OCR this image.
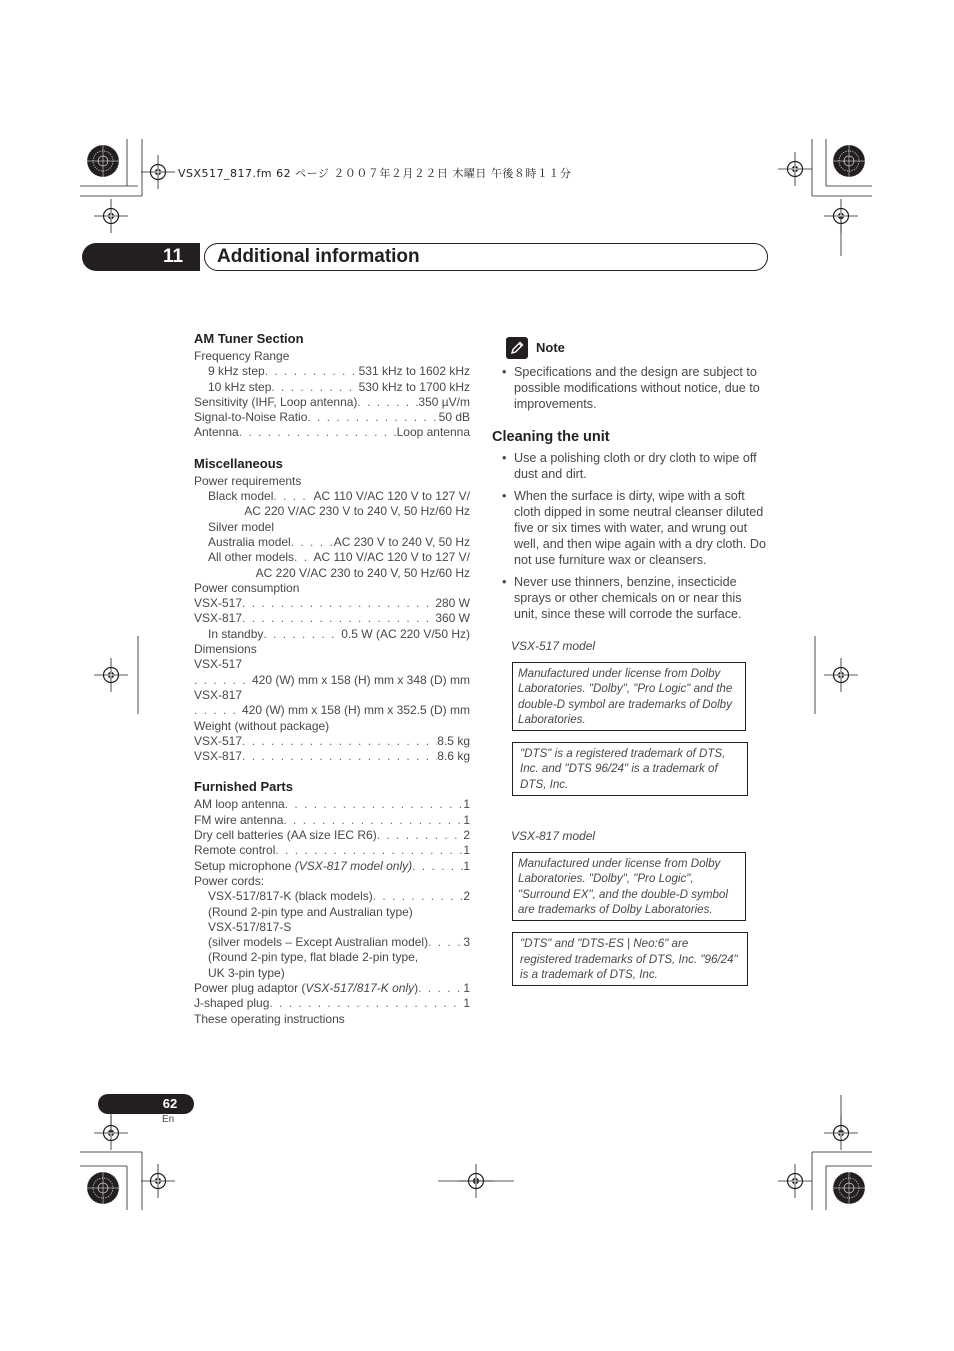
VSX517_817.fm 62 ページ ２００７年２月２２日 木曜日 午後８時１１分
11	Additional information
AM Tuner Section
Frequency Range
9 kHz step . . .	531 kHz to 1602 kHz
10 kHz step . . .	530 kHz to 1700 kHz
Sensitivity (IHF, Loop antenna) . . .	350 µV/m
Signal-to-Noise Ratio . . .	50 dB
Antenna . . .	Loop antenna
Miscellaneous
Power requirements
Black model . . .	AC 110 V/AC 120 V to 127 V/
AC 220 V/AC 230 V to 240 V, 50 Hz/60 Hz
Silver model
Australia model . . .	AC 230 V to 240 V, 50 Hz
All other models . . . AC 110 V/AC 120 V to 127 V/
AC 220 V/AC 230 to 240 V, 50 Hz/60 Hz
Power consumption
VSX-517 . . .	280 W
VSX-817 . . .	360 W
In standby . . .	0.5 W (AC 220 V/50 Hz)
Dimensions
VSX-517
. . .
420 (W) mm x 158 (H) mm x 348 (D) mm
VSX-817
. . .
420 (W) mm x 158 (H) mm x 352.5 (D) mm
Weight (without package)
VSX-517 . . .	8.5 kg
VSX-817 . . .	8.6 kg
Furnished Parts
AM loop antenna . . .	1
FM wire antenna . . .	1
Dry cell batteries (AA size IEC R6) . . .	2
Remote control . . .	1
Setup microphone (VSX-817 model only) . . .	1
Power cords:
VSX-517/817-K (black models) . . .	2
(Round 2-pin type and Australian type)
VSX-517/817-S
(silver models – Except Australian model) . . .	3
(Round 2-pin type, flat blade 2-pin type,
UK 3-pin type)
Power plug adaptor (VSX-517/817-K only) . . .	1
J-shaped plug . . .	1
These operating instructions
Note
• Specifications and the design are subject to possible modifications without notice, due to improvements.
Cleaning the unit
• Use a polishing cloth or dry cloth to wipe off dust and dirt.
• When the surface is dirty, wipe with a soft cloth dipped in some neutral cleanser diluted five or six times with water, and wrung out well, and then wipe again with a dry cloth. Do not use furniture wax or cleansers.
• Never use thinners, benzine, insecticide sprays or other chemicals on or near this unit, since these will corrode the surface.
VSX-517 model
Manufactured under license from Dolby Laboratories. "Dolby", "Pro Logic" and the double-D symbol are trademarks of Dolby Laboratories.
"DTS" is a registered trademark of DTS, Inc. and "DTS 96/24" is a trademark of DTS, Inc.
VSX-817 model
Manufactured under license from Dolby Laboratories. "Dolby", "Pro Logic", "Surround EX", and the double-D symbol are trademarks of Dolby Laboratories.
"DTS" and "DTS-ES | Neo:6" are registered trademarks of DTS, Inc. "96/24" is a trademark of DTS, Inc.
62
En
